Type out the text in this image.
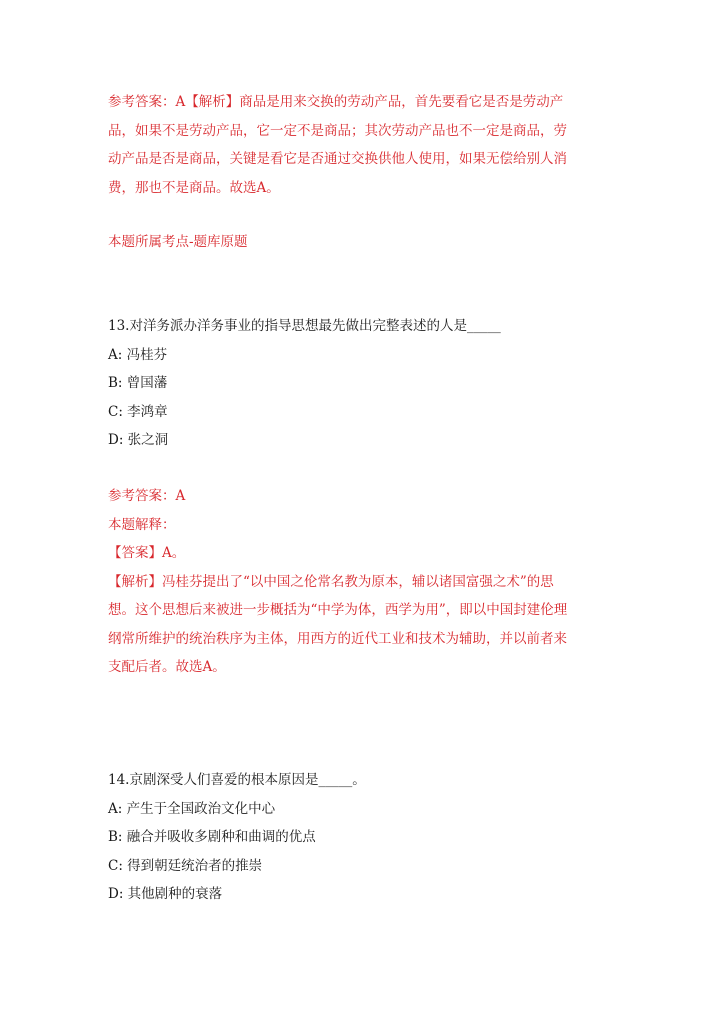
参考答案：A【解析】商品是用来交换的劳动产品，首先要看它是否是劳动产
品，如果不是劳动产品，它一定不是商品；其次劳动产品也不一定是商品，劳
动产品是否是商品，关键是看它是否通过交换供他人使用，如果无偿给别人消
费，那也不是商品。故选A。
本题所属考点-题库原题
13.对洋务派办洋务事业的指导思想最先做出完整表述的人是_____
A: 冯桂芬
B: 曾国藩
C: 李鸿章
D: 张之洞
参考答案：A
本题解释：
【答案】A。
【解析】冯桂芬提出了“以中国之伦常名教为原本，辅以诸国富强之术”的思
想。这个思想后来被进一步概括为“中学为体，西学为用”，即以中国封建伦理
纲常所维护的统治秩序为主体，用西方的近代工业和技术为辅助，并以前者来
支配后者。故选A。
14.京剧深受人们喜爱的根本原因是_____。
A: 产生于全国政治文化中心
B: 融合并吸收多剧种和曲调的优点
C: 得到朝廷统治者的推崇
D: 其他剧种的衰落
